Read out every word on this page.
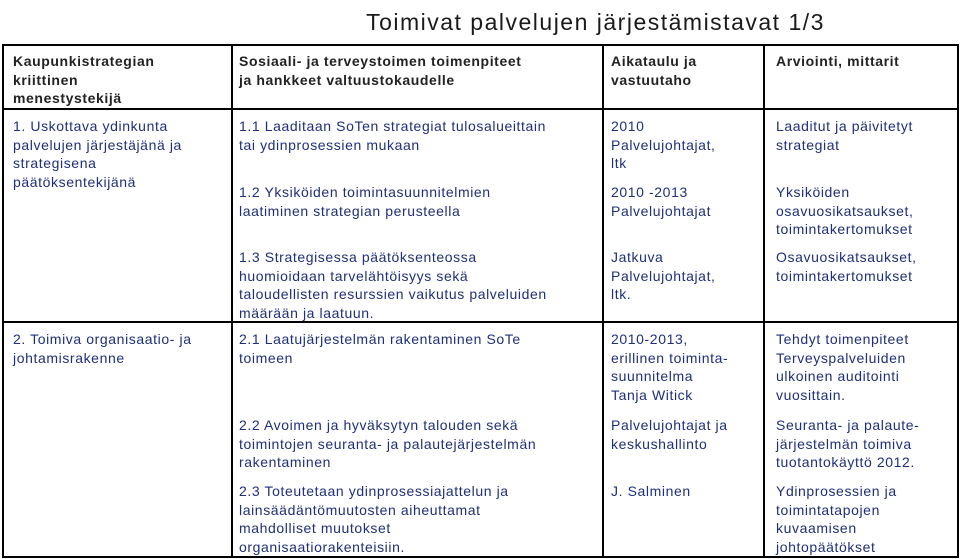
Toimivat palvelujen järjestämistavat 1/3
Kaupunkistrategian
kriittinen
menestystekijä
Sosiaali- ja terveystoimen toimenpiteet
ja hankkeet valtuustokaudelle
Aikataulu ja
vastuutaho
Arviointi, mittarit
1. Uskottava ydinkunta
palvelujen järjestäjänä ja
strategisena
päätöksentekijänä
2. Toimiva organisaatio- ja
johtamisrakenne
1.1 Laaditaan SoTen strategiat tulosalueittain
tai ydinprosessien mukaan
2010
Palvelujohtajat,
ltk
Laaditut ja päivitetyt
strategiat
1.2 Yksiköiden toimintasuunnitelmien
laatiminen strategian perusteella
2010 -2013
Palvelujohtajat
Yksiköiden
osavuosikatsaukset,
toimintakertomukset
1.3 Strategisessa päätöksenteossa
huomioidaan tarvelähtöisyys sekä
taloudellisten resurssien vaikutus palveluiden
määrään ja laatuun.
Jatkuva
Palvelujohtajat,
ltk.
Osavuosikatsaukset,
toimintakertomukset
2.1 Laatujärjestelmän rakentaminen SoTe
toimeen
2010-2013,
erillinen toiminta-
suunnitelma
Tanja Witick
Tehdyt toimenpiteet
Terveyspalveluiden
ulkoinen auditointi
vuosittain.
2.2 Avoimen ja hyväksytyn talouden sekä
toimintojen seuranta- ja palautejärjestelmän
rakentaminen
Palvelujohtajat ja
keskushallinto
Seuranta- ja palaute-
järjestelmän toimiva
tuotantokäyttö 2012.
2.3 Toteutetaan ydinprosessiajattelun ja
lainsäädäntömuutosten aiheuttamat
mahdolliset muutokset
organisaatiorakenteisiin.
J. Salminen	Ydinprosessien ja
toimintatapojen
kuvaamisen
johtopäätökset
